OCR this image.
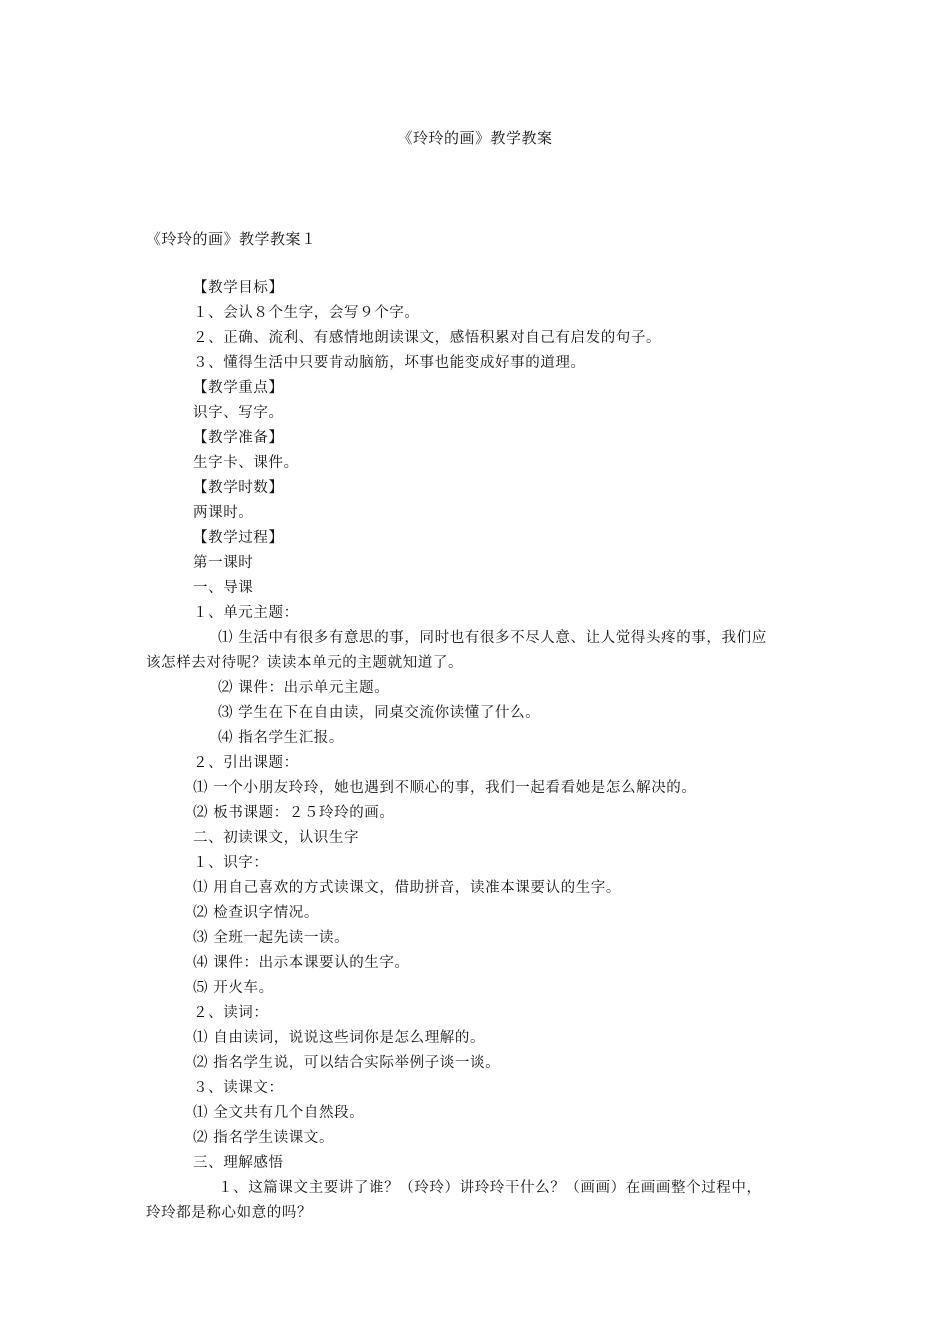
《玲玲的画》教学教案
《玲玲的画》教学教案１
【教学目标】
１、会认８个生字，会写９个字。
２、正确、流利、有感情地朗读课文，感悟积累对自己有启发的句子。
３、懂得生活中只要肯动脑筋，坏事也能变成好事的道理。
【教学重点】
识字、写字。
【教学准备】
生字卡、课件。
【教学时数】
两课时。
【教学过程】
第一课时
一、导课
１、单元主题：
⑴ 生活中有很多有意思的事，同时也有很多不尽人意、让人觉得头疼的事，我们应
该怎样去对待呢？读读本单元的主题就知道了。
⑵ 课件：出示单元主题。
⑶ 学生在下在自由读，同桌交流你读懂了什么。
⑷ 指名学生汇报。
２、引出课题：
⑴ 一个小朋友玲玲，她也遇到不顺心的事，我们一起看看她是怎么解决的。
⑵ 板书课题：２５玲玲的画。
二、初读课文，认识生字
１、识字：
⑴ 用自己喜欢的方式读课文，借助拼音，读准本课要认的生字。
⑵ 检查识字情况。
⑶ 全班一起先读一读。
⑷ 课件：出示本课要认的生字。
⑸ 开火车。
２、读词：
⑴ 自由读词，说说这些词你是怎么理解的。
⑵ 指名学生说，可以结合实际举例子谈一谈。
３、读课文：
⑴ 全文共有几个自然段。
⑵ 指名学生读课文。
三、理解感悟
１、这篇课文主要讲了谁？（玲玲）讲玲玲干什么？（画画）在画画整个过程中，
玲玲都是称心如意的吗？
